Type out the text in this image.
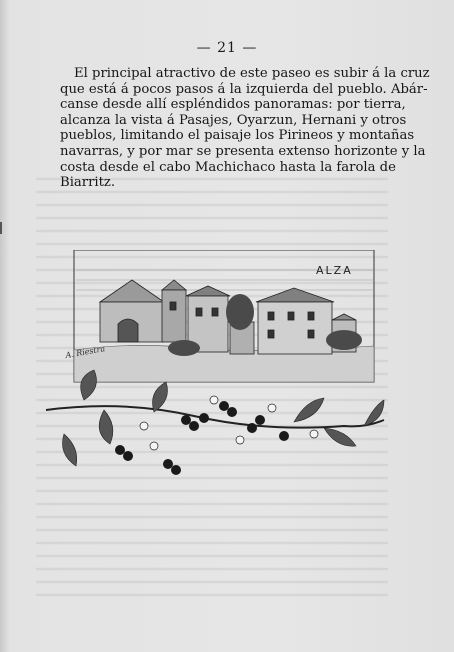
— 21 —
El principal atractivo de este paseo es subir á la cruz
que está á pocos pasos á la izquierda del pueblo. Abár-
canse desde allí espléndidos panoramas: por tierra,
alcanza la vista á Pasajes, Oyarzun, Hernani y otros
pueblos, limitando el paisaje los Pirineos y montañas
navarras, y por mar se presenta extenso horizonte y la
costa desde el cabo Machichaco hasta la farola de
Biarritz.
ALZA
A. Riestra
